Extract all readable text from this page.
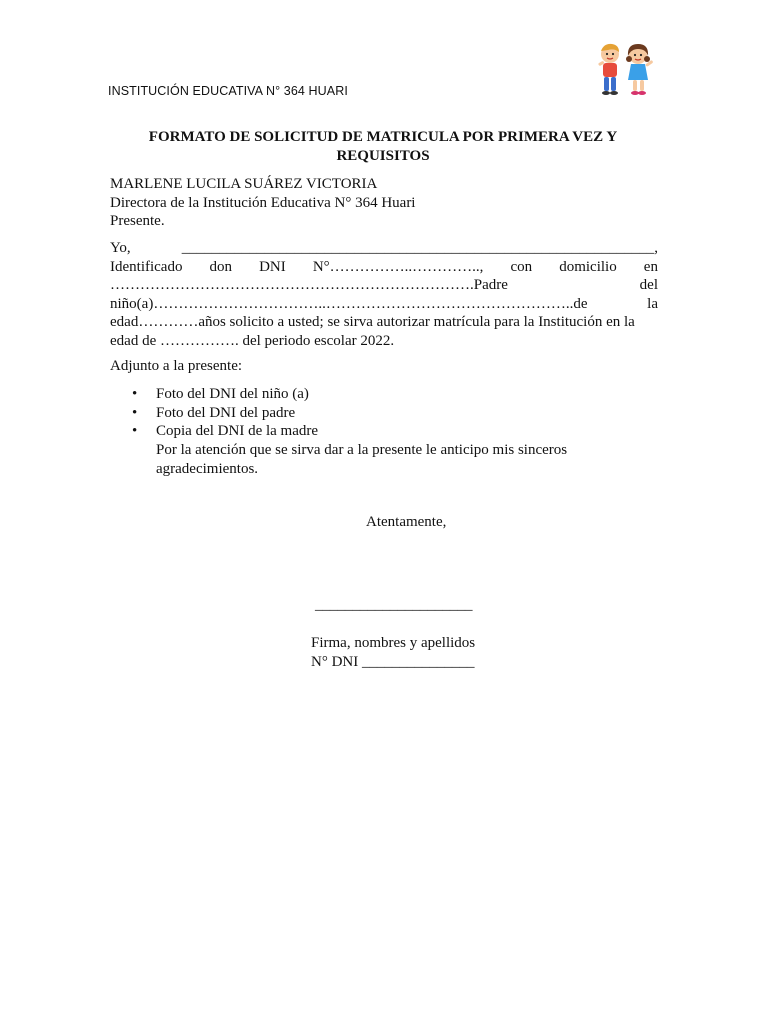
INSTITUCIÓN EDUCATIVA N° 364 HUARI
FORMATO DE SOLICITUD DE MATRICULA POR PRIMERA VEZ Y
REQUISITOS
MARLENE LUCILA SUÁREZ VICTORIA
Directora de la Institución Educativa N° 364 Huari
Presente.
Yo,	_______________________________________________________________,
Identificado don DNI N°……………..………….., con domicilio en
……………………………………………………………….Padre	del
niño(a)……………………………..…………………………………………..de	la
edad…………años solicito a usted; se sirva autorizar matrícula para la Institución en la
edad de ……………. del periodo escolar 2022.
Adjunto a la presente:
• Foto del DNI del niño (a)
• Foto del DNI del padre
• Copia del DNI de la madre
Por la atención que se sirva dar a la presente le anticipo mis sinceros agradecimientos.
Atentamente,
_____________________
Firma, nombres y apellidos
N° DNI _______________
